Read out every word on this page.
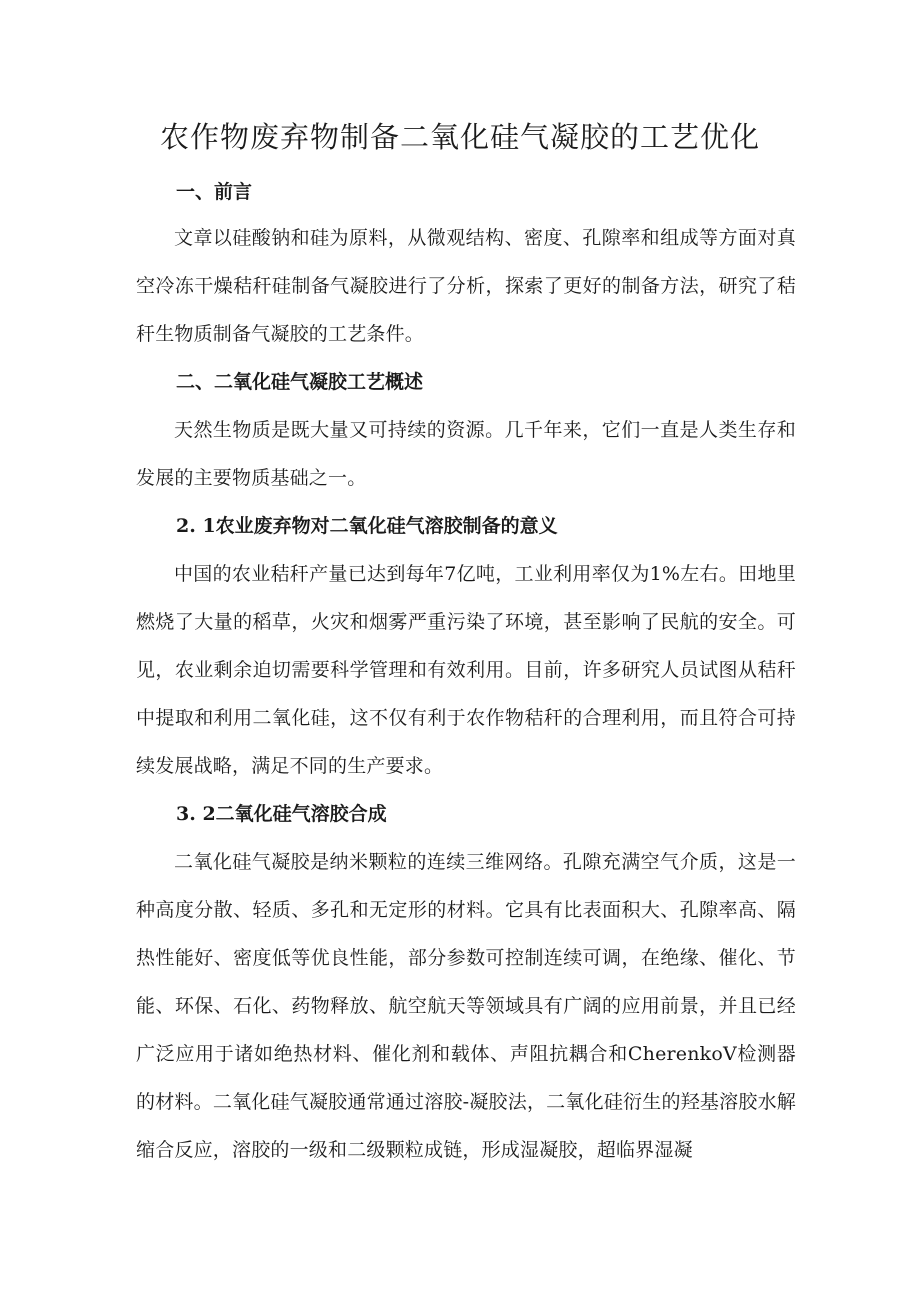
农作物废弃物制备二氧化硅气凝胶的工艺优化
一、前言

文章以硅酸钠和硅为原料，从微观结构、密度、孔隙率和组成等方面对真空冷冻干燥秸秆硅制备气凝胶进行了分析，探索了更好的制备方法，研究了秸秆生物质制备气凝胶的工艺条件。

二、二氧化硅气凝胶工艺概述

天然生物质是既大量又可持续的资源。几千年来，它们一直是人类生存和发展的主要物质基础之一。

2. 1农业废弃物对二氧化硅气溶胶制备的意义

中国的农业秸秆产量已达到每年7亿吨，工业利用率仅为1%左右。田地里燃烧了大量的稻草，火灾和烟雾严重污染了环境，甚至影响了民航的安全。可见，农业剩余迫切需要科学管理和有效利用。目前，许多研究人员试图从秸秆中提取和利用二氧化硅，这不仅有利于农作物秸秆的合理利用，而且符合可持续发展战略，满足不同的生产要求。

3. 2二氧化硅气溶胶合成

二氧化硅气凝胶是纳米颗粒的连续三维网络。孔隙充满空气介质，这是一种高度分散、轻质、多孔和无定形的材料。它具有比表面积大、孔隙率高、隔热性能好、密度低等优良性能，部分参数可控制连续可调，在绝缘、催化、节能、环保、石化、药物释放、航空航天等领域具有广阔的应用前景，并且已经广泛应用于诸如绝热材料、催化剂和载体、声阻抗耦合和CherenkoV检测器的材料。二氧化硅气凝胶通常通过溶胶-凝胶法，二氧化硅衍生的羟基溶胶水解缩合反应，溶胶的一级和二级颗粒成链，形成湿凝胶，超临界湿凝
